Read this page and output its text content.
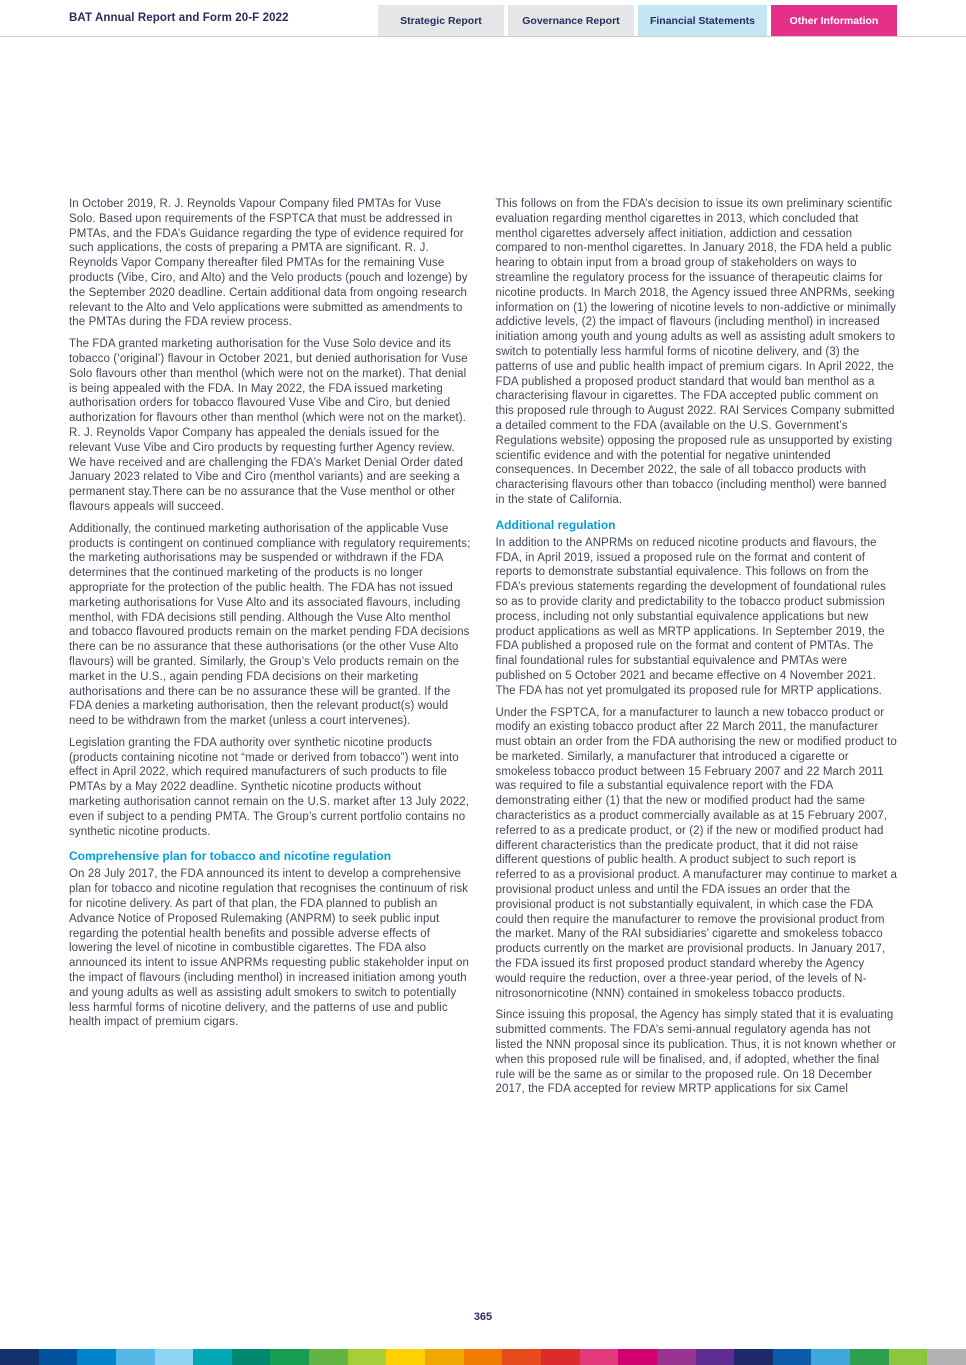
BAT Annual Report and Form 20-F 2022	Strategic Report	Governance Report	Financial Statements	Other Information

In October 2019, R. J. Reynolds Vapour Company filed PMTAs for Vuse Solo. Based upon requirements of the FSPTCA that must be addressed in PMTAs, and the FDA’s Guidance regarding the type of evidence required for such applications, the costs of preparing a PMTA are significant. R. J. Reynolds Vapor Company thereafter filed PMTAs for the remaining Vuse products (Vibe, Ciro, and Alto) and the Velo products (pouch and lozenge) by the September 2020 deadline. Certain additional data from ongoing research relevant to the Alto and Velo applications were submitted as amendments to the PMTAs during the FDA review process.

The FDA granted marketing authorisation for the Vuse Solo device and its tobacco (‘original’) flavour in October 2021, but denied authorisation for Vuse Solo flavours other than menthol (which were not on the market). That denial is being appealed with the FDA. In May 2022, the FDA issued marketing authorisation orders for tobacco flavoured Vuse Vibe and Ciro, but denied authorization for flavours other than menthol (which were not on the market). R. J. Reynolds Vapor Company has appealed the denials issued for the relevant Vuse Vibe and Ciro products by requesting further Agency review. We have received and are challenging the FDA’s Market Denial Order dated January 2023 related to Vibe and Ciro (menthol variants) and are seeking a permanent stay.There can be no assurance that the Vuse menthol or other flavours appeals will succeed.

Additionally, the continued marketing authorisation of the applicable Vuse products is contingent on continued compliance with regulatory requirements; the marketing authorisations may be suspended or withdrawn if the FDA determines that the continued marketing of the products is no longer appropriate for the protection of the public health. The FDA has not issued marketing authorisations for Vuse Alto and its associated flavours, including menthol, with FDA decisions still pending. Although the Vuse Alto menthol and tobacco flavoured products remain on the market pending FDA decisions there can be no assurance that these authorisations (or the other Vuse Alto flavours) will be granted. Similarly, the Group’s Velo products remain on the market in the U.S., again pending FDA decisions on their marketing authorisations and there can be no assurance these will be granted. If the FDA denies a marketing authorisation, then the relevant product(s) would need to be withdrawn from the market (unless a court intervenes).

Legislation granting the FDA authority over synthetic nicotine products (products containing nicotine not “made or derived from tobacco”) went into effect in April 2022, which required manufacturers of such products to file PMTAs by a May 2022 deadline. Synthetic nicotine products without marketing authorisation cannot remain on the U.S. market after 13 July 2022, even if subject to a pending PMTA. The Group’s current portfolio contains no synthetic nicotine products.

Comprehensive plan for tobacco and nicotine regulation

On 28 July 2017, the FDA announced its intent to develop a comprehensive plan for tobacco and nicotine regulation that recognises the continuum of risk for nicotine delivery. As part of that plan, the FDA planned to publish an Advance Notice of Proposed Rulemaking (ANPRM) to seek public input regarding the potential health benefits and possible adverse effects of lowering the level of nicotine in combustible cigarettes. The FDA also announced its intent to issue ANPRMs requesting public stakeholder input on the impact of flavours (including menthol) in increased initiation among youth and young adults as well as assisting adult smokers to switch to potentially less harmful forms of nicotine delivery, and the patterns of use and public health impact of premium cigars.

This follows on from the FDA’s decision to issue its own preliminary scientific evaluation regarding menthol cigarettes in 2013, which concluded that menthol cigarettes adversely affect initiation, addiction and cessation compared to non-menthol cigarettes. In January 2018, the FDA held a public hearing to obtain input from a broad group of stakeholders on ways to streamline the regulatory process for the issuance of therapeutic claims for nicotine products. In March 2018, the Agency issued three ANPRMs, seeking information on (1) the lowering of nicotine levels to non-addictive or minimally addictive levels, (2) the impact of flavours (including menthol) in increased initiation among youth and young adults as well as assisting adult smokers to switch to potentially less harmful forms of nicotine delivery, and (3) the patterns of use and public health impact of premium cigars. In April 2022, the FDA published a proposed product standard that would ban menthol as a characterising flavour in cigarettes. The FDA accepted public comment on this proposed rule through to August 2022. RAI Services Company submitted a detailed comment to the FDA (available on the U.S. Government’s Regulations website) opposing the proposed rule as unsupported by existing scientific evidence and with the potential for negative unintended consequences. In December 2022, the sale of all tobacco products with characterising flavours other than tobacco (including menthol) were banned in the state of California.

Additional regulation

In addition to the ANPRMs on reduced nicotine products and flavours, the FDA, in April 2019, issued a proposed rule on the format and content of reports to demonstrate substantial equivalence. This follows on from the FDA’s previous statements regarding the development of foundational rules so as to provide clarity and predictability to the tobacco product submission process, including not only substantial equivalence applications but new product applications as well as MRTP applications. In September 2019, the FDA published a proposed rule on the format and content of PMTAs. The final foundational rules for substantial equivalence and PMTAs were published on 5 October 2021 and became effective on 4 November 2021. The FDA has not yet promulgated its proposed rule for MRTP applications.

Under the FSPTCA, for a manufacturer to launch a new tobacco product or modify an existing tobacco product after 22 March 2011, the manufacturer must obtain an order from the FDA authorising the new or modified product to be marketed. Similarly, a manufacturer that introduced a cigarette or smokeless tobacco product between 15 February 2007 and 22 March 2011 was required to file a substantial equivalence report with the FDA demonstrating either (1) that the new or modified product had the same characteristics as a product commercially available as at 15 February 2007, referred to as a predicate product, or (2) if the new or modified product had different characteristics than the predicate product, that it did not raise different questions of public health. A product subject to such report is referred to as a provisional product. A manufacturer may continue to market a provisional product unless and until the FDA issues an order that the provisional product is not substantially equivalent, in which case the FDA could then require the manufacturer to remove the provisional product from the market. Many of the RAI subsidiaries’ cigarette and smokeless tobacco products currently on the market are provisional products. In January 2017, the FDA issued its first proposed product standard whereby the Agency would require the reduction, over a three-year period, of the levels of N-nitrosonornicotine (NNN) contained in smokeless tobacco products.

Since issuing this proposal, the Agency has simply stated that it is evaluating submitted comments. The FDA’s semi-annual regulatory agenda has not listed the NNN proposal since its publication. Thus, it is not known whether or when this proposed rule will be finalised, and, if adopted, whether the final rule will be the same as or similar to the proposed rule. On 18 December 2017, the FDA accepted for review MRTP applications for six Camel

365
